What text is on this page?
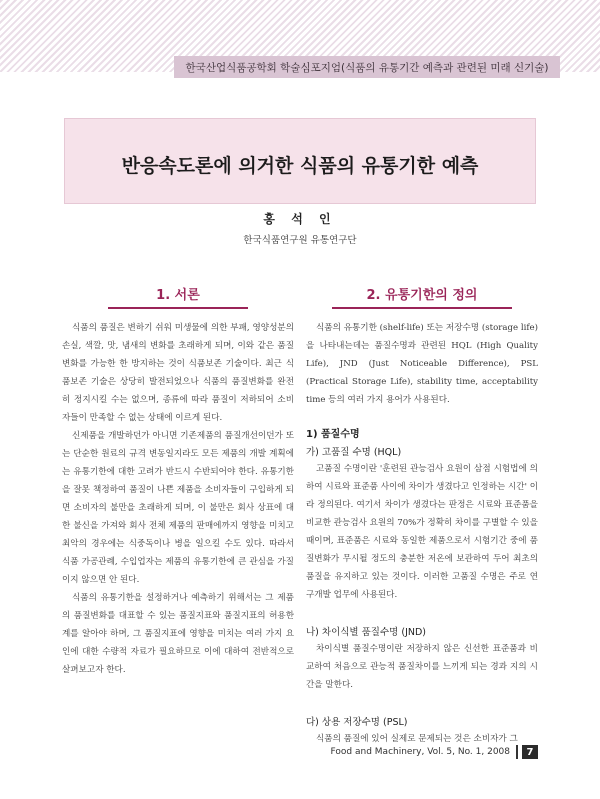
한국산업식품공학회 학술심포지엄(식품의 유통기간 예측과 관련된 미래 신기술)
반응속도론에 의거한 식품의 유통기한 예측
홍 석 인
한국식품연구원 유통연구단
1. 서론

식품의 품질은 변하기 쉬워 미생물에 의한 부패, 영양성분의 손실, 색깔, 맛, 냄새의 변화를 초래하게 되며, 이와 같은 품질변화를 가능한 한 방지하는 것이 식품보존 기술이다. 최근 식품보존 기술은 상당히 발전되었으나 식품의 품질변화를 완전히 정지시킬 수는 없으며, 종류에 따라 품질이 저하되어 소비자들이 만족할 수 없는 상태에 이르게 된다.

신제품을 개발하던가 아니면 기존제품의 품질개선이던가 또는 단순한 원료의 규격 변동일지라도 모든 제품의 개발 계획에는 유통기한에 대한 고려가 반드시 수반되어야 한다. 유통기한을 잘못 책정하여 품질이 나쁜 제품을 소비자들이 구입하게 되면 소비자의 불만을 초래하게 되며, 이 불만은 회사 상표에 대한 불신을 가져와 회사 전체 제품의 판매에까지 영향을 미치고 최악의 경우에는 식중독이나 병을 일으킬 수도 있다. 따라서 식품 가공관례, 수입업자는 제품의 유통기한에 큰 관심을 가질이지 않으면 안 된다.

식품의 유통기한을 설정하거나 예측하기 위해서는 그 제품의 품질변화를 대표할 수 있는 품질지표와 품질지표의 허용한계를 알아야 하며, 그 품질지표에 영향을 미치는 여러 가지 요인에 대한 수량적 자료가 필요하므로 이에 대하여 전반적으로 살펴보고자 한다.

2. 유통기한의 정의

식품의 유통기한 (shelf-life) 또는 저장수명 (storage life)을 나타내는데는 품질수명과 관련된 HQL (High Quality Life), JND (Just Noticeable Difference), PSL (Practical Storage Life), stability time, acceptability time 등의 여러 가지 용어가 사용된다.

1) 품질수명
가) 고품질 수명 (HQL)

고품질 수명이란 '훈련된 관능검사 요원이 삼점 시험법에 의하여 시료와 표준품 사이에 차이가 생겼다고 인정하는 시간' 이라 정의된다. 여기서 차이가 생겼다는 판정은 시료와 표준품을 비교한 관능검사 요원의 70%가 정확히 차이를 구별할 수 있을 때이며, 표준품은 시료와 동일한 제품으로서 시험기간 중에 품질변화가 무시될 정도의 충분한 저온에 보관하여 두어 최초의 품질을 유지하고 있는 것이다. 이러한 고품질 수명은 주로 연구개발 업무에 사용된다.

나) 차이식별 품질수명 (JND)

차이식별 품질수명이란 저장하지 않은 신선한 표준품과 비교하여 처음으로 관능적 품질차이를 느끼게 되는 경과 지의 시간을 말한다.

다) 상용 저장수명 (PSL)

식품의 품질에 있어 실제로 문제되는 것은 소비자가 그

Food and Machinery, Vol. 5, No. 1, 2008	7
